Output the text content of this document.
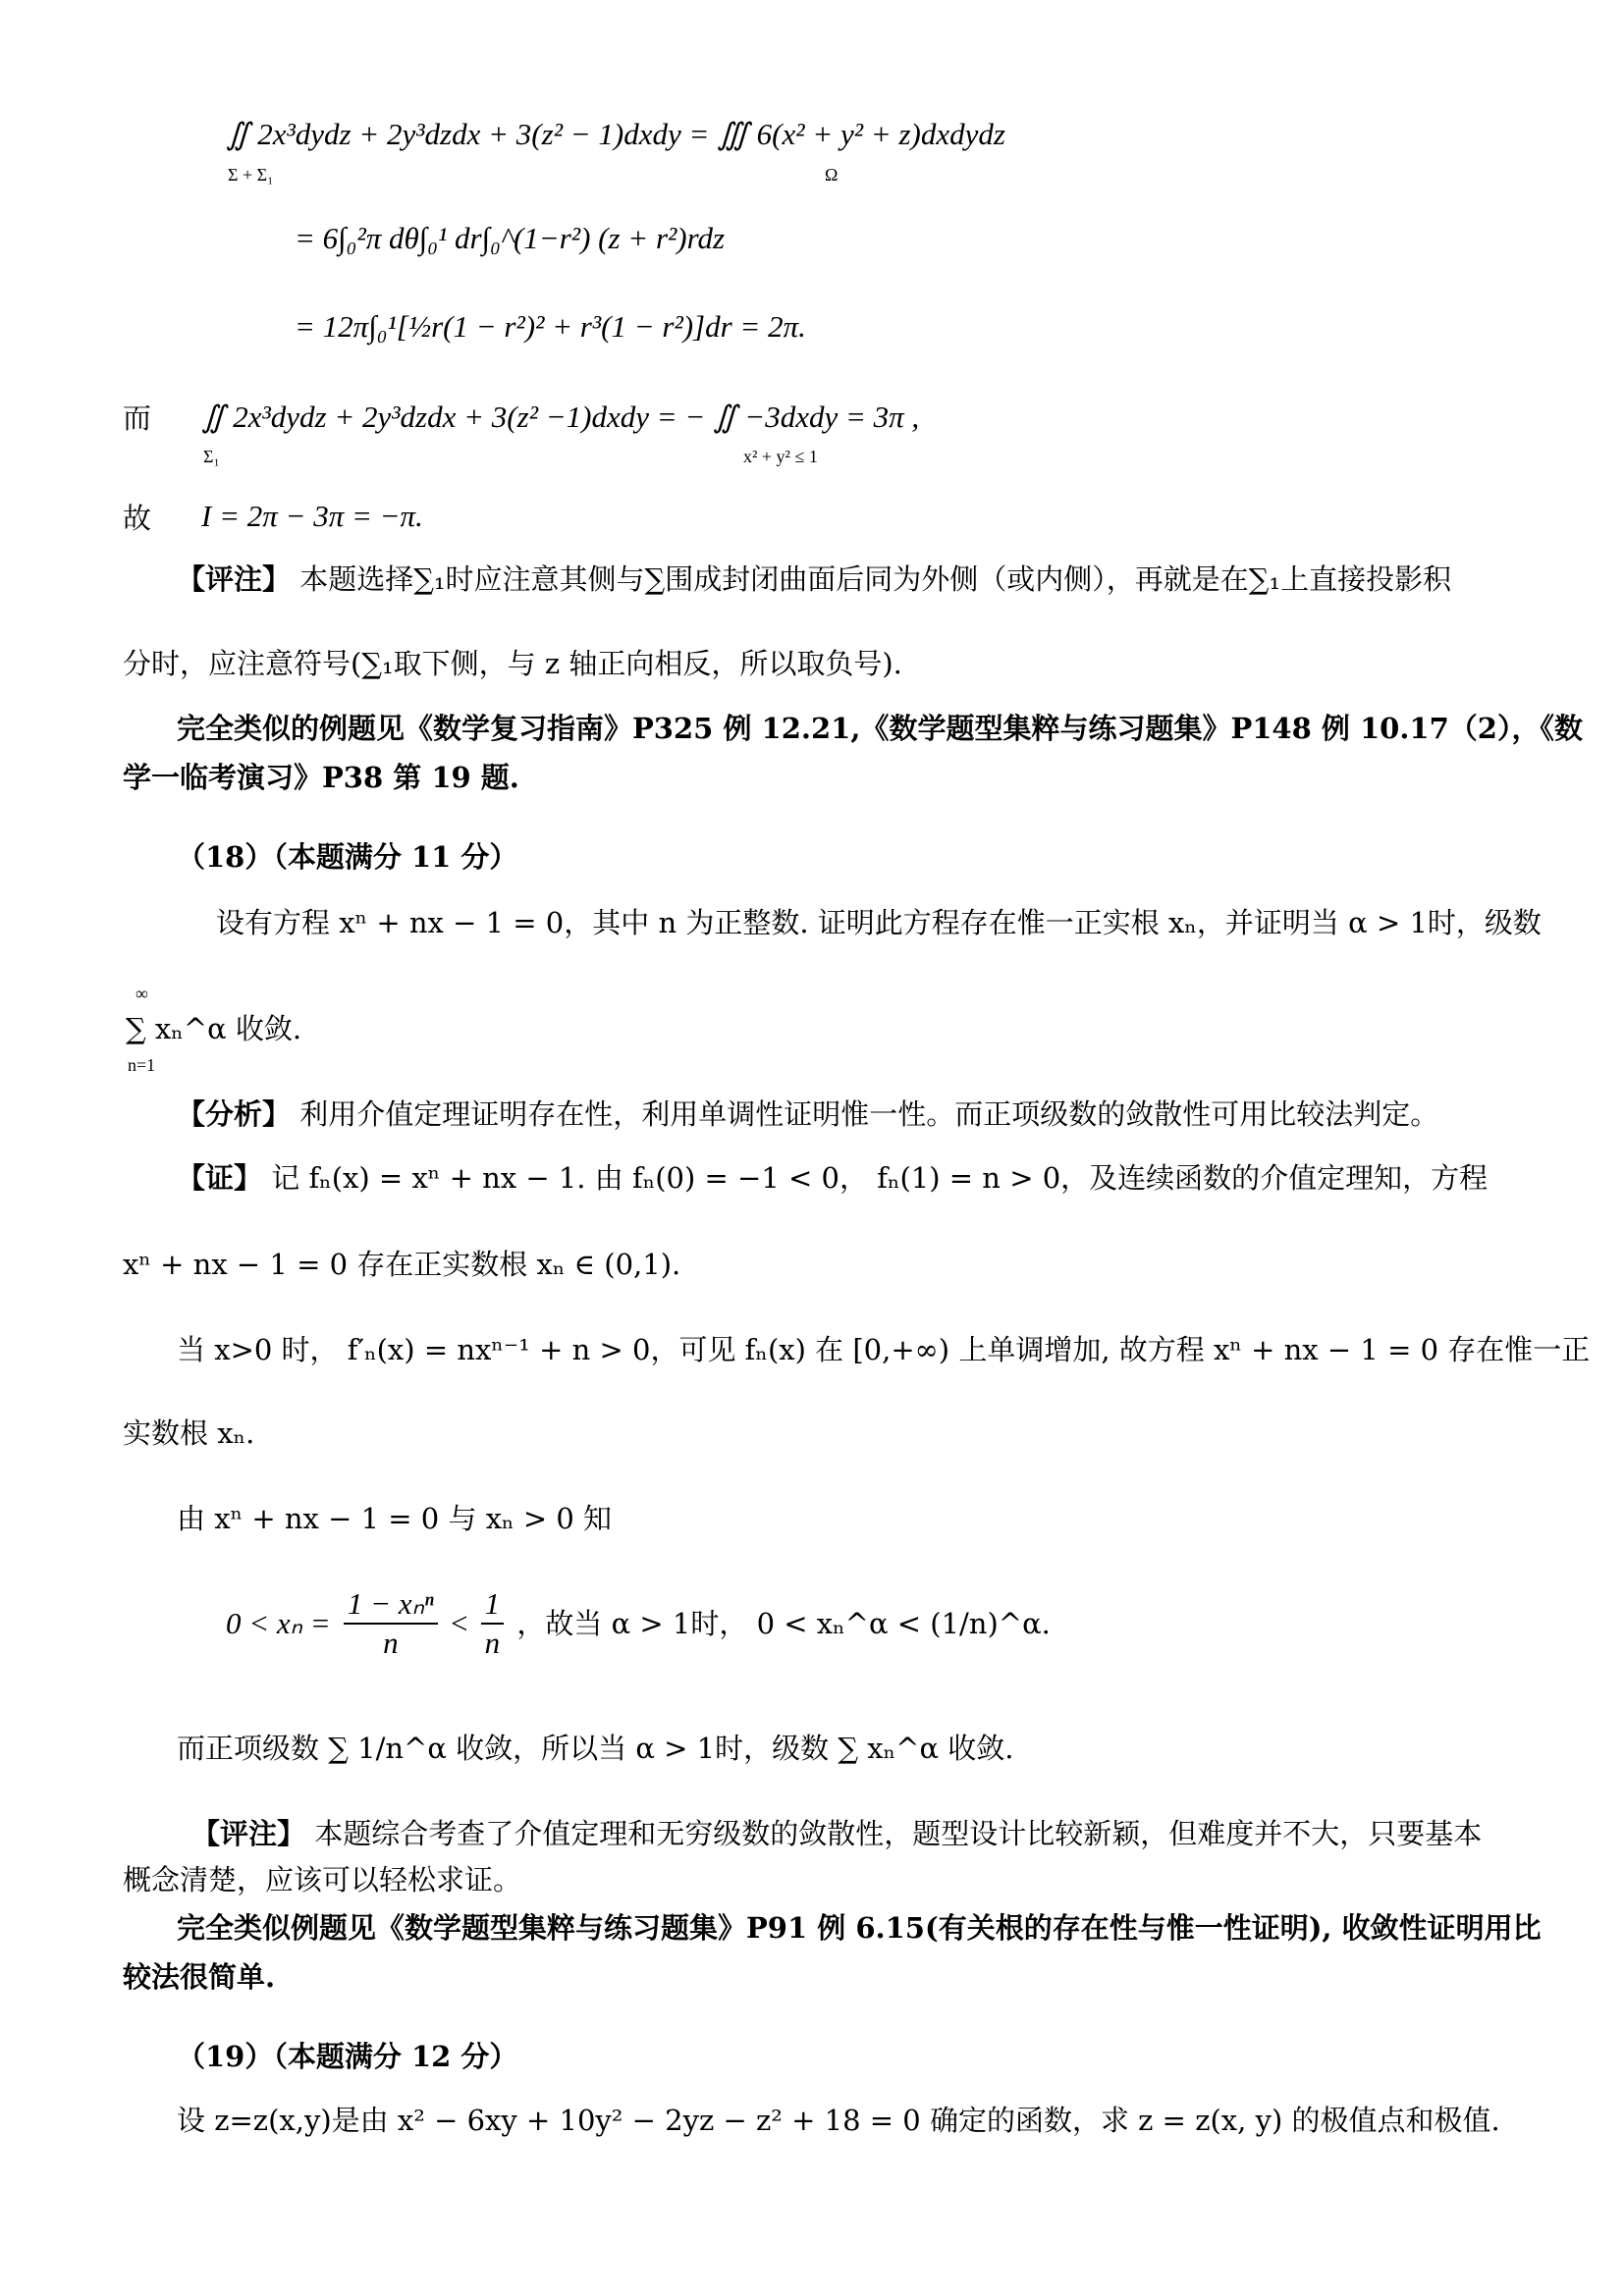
∬ 2x³dydz + 2y³dzdx + 3(z² − 1)dxdy = ∭ 6(x² + y² + z)dxdydz
Σ + Σ₁	Ω
= 6∫₀²π dθ∫₀¹ dr∫₀^(1−r²) (z + r²)rdz
= 12π∫₀¹[½r(1 − r²)² + r³(1 − r²)]dr = 2π.
而 ∬ 2x³dydz + 2y³dzdx + 3(z² −1)dxdy = − ∬ −3dxdy = 3π ,
Σ₁	x² + y² ≤ 1
故 I = 2π − 3π = −π.
【评注】 本题选择∑₁时应注意其侧与∑围成封闭曲面后同为外侧（或内侧），再就是在∑₁上直接投影积
分时，应注意符号(∑₁取下侧，与 z 轴正向相反，所以取负号).
完全类似的例题见《数学复习指南》P325 例 12.21,《数学题型集粹与练习题集》P148 例 10.17（2），《数
学一临考演习》P38 第 19 题.
（18）（本题满分 11 分）
设有方程 xⁿ + nx − 1 = 0，其中 n 为正整数. 证明此方程存在惟一正实根 xₙ，并证明当 α > 1时，级数
∞
∑ xₙ^α 收敛.
n=1
【分析】 利用介值定理证明存在性，利用单调性证明惟一性。而正项级数的敛散性可用比较法判定。
【证】 记 fₙ(x) = xⁿ + nx − 1. 由 fₙ(0) = −1 < 0， fₙ(1) = n > 0，及连续函数的介值定理知，方程
xⁿ + nx − 1 = 0 存在正实数根 xₙ ∈ (0,1).
当 x>0 时， f′ₙ(x) = nxⁿ⁻¹ + n > 0，可见 fₙ(x) 在 [0,+∞) 上单调增加, 故方程 xⁿ + nx − 1 = 0 存在惟一正
实数根 xₙ.
由 xⁿ + nx − 1 = 0 与 xₙ > 0 知
$0 < x_n = \frac{\text{1 − xₙⁿ}}{n} < \frac{1}{n}$ ，故当 α > 1时， 0 < xₙ^α < (1/n)^α.
而正项级数 ∑ 1/n^α 收敛，所以当 α > 1时，级数 ∑ xₙ^α 收敛.
【评注】 本题综合考查了介值定理和无穷级数的敛散性，题型设计比较新颖，但难度并不大，只要基本
概念清楚，应该可以轻松求证。
完全类似例题见《数学题型集粹与练习题集》P91 例 6.15(有关根的存在性与惟一性证明), 收敛性证明用比
较法很简单.
（19）（本题满分 12 分）
设 z=z(x,y)是由 x² − 6xy + 10y² − 2yz − z² + 18 = 0 确定的函数，求 z = z(x, y) 的极值点和极值.
